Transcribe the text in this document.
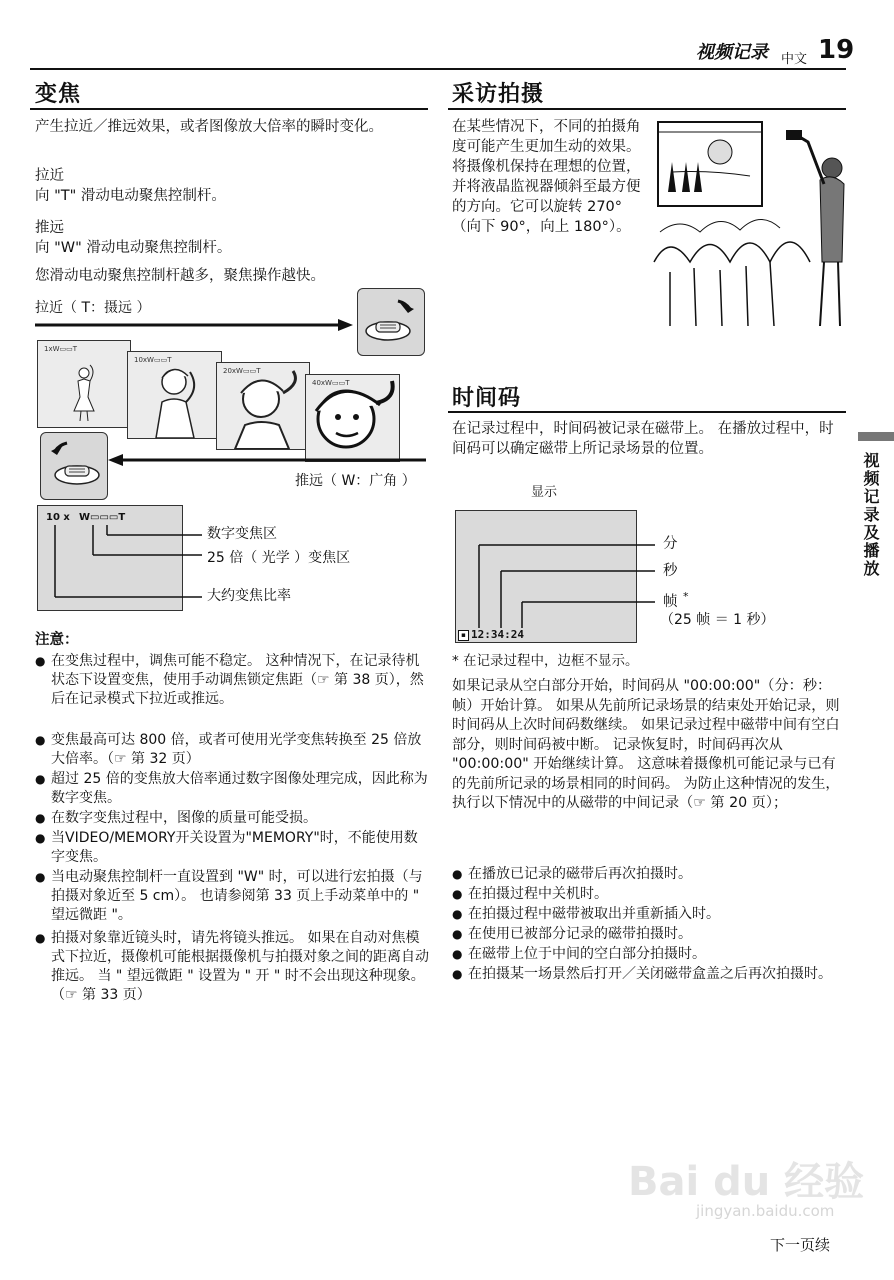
视频记录 中文 19
视频记录及播放
变焦
产生拉近／推远效果，或者图像放大倍率的瞬时变化。
拉近
向 "T" 滑动电动聚焦控制杆。
推远
向 "W" 滑动电动聚焦控制杆。
您滑动电动聚焦控制杆越多，聚焦操作越快。
拉近（ T：摄远 ）
1xW▭▭T
10xW▭▭T
20xW▭▭T
40xW▭▭T
推远（ W：广角 ）
10 x W▭▭▭T
数字变焦区
25 倍（ 光学 ）变焦区
大约变焦比率
注意：
● 在变焦过程中，调焦可能不稳定。 这种情况下，在记录待机状态下设置变焦，使用手动调焦锁定焦距（☞ 第 38 页），然后在记录模式下拉近或推远。
● 变焦最高可达 800 倍，或者可使用光学变焦转换至 25 倍放大倍率。（☞ 第 32 页）
● 超过 25 倍的变焦放大倍率通过数字图像处理完成，因此称为数字变焦。
● 在数字变焦过程中，图像的质量可能受损。
● 当VIDEO/MEMORY开关设置为"MEMORY"时，不能使用数字变焦。
● 当电动聚焦控制杆一直设置到 "W" 时，可以进行宏拍摄（与拍摄对象近至 5 cm）。 也请参阅第 33 页上手动菜单中的 " 望远微距 "。
● 拍摄对象靠近镜头时，请先将镜头推远。 如果在自动对焦模式下拉近，摄像机可能根据摄像机与拍摄对象之间的距离自动推远。 当 " 望远微距 " 设置为 " 开 " 时不会出现这种现象。（☞ 第 33 页）
采访拍摄
在某些情况下，不同的拍摄角度可能产生更加生动的效果。将摄像机保持在理想的位置，并将液晶监视器倾斜至最方便的方向。它可以旋转 270°（向下 90°，向上 180°）。
时间码
在记录过程中，时间码被记录在磁带上。 在播放过程中，时间码可以确定磁带上所记录场景的位置。
显示
▪ 12:34:24
分
秒
帧 *
（25 帧 ＝ 1 秒）
* 在记录过程中，边框不显示。
如果记录从空白部分开始，时间码从 "00:00:00"（分：秒：帧）开始计算。 如果从先前所记录场景的结束处开始记录，则时间码从上次时间码数继续。 如果记录过程中磁带中间有空白部分，则时间码被中断。 记录恢复时，时间码再次从 "00:00:00" 开始继续计算。 这意味着摄像机可能记录与已有的先前所记录的场景相同的时间码。 为防止这种情况的发生，执行以下情况中的从磁带的中间记录（☞ 第 20 页）；
● 在播放已记录的磁带后再次拍摄时。
● 在拍摄过程中关机时。
● 在拍摄过程中磁带被取出并重新插入时。
● 在使用已被部分记录的磁带拍摄时。
● 在磁带上位于中间的空白部分拍摄时。
● 在拍摄某一场景然后打开／关闭磁带盒盖之后再次拍摄时。
Bai du 经验
jingyan.baidu.com
下一页续
